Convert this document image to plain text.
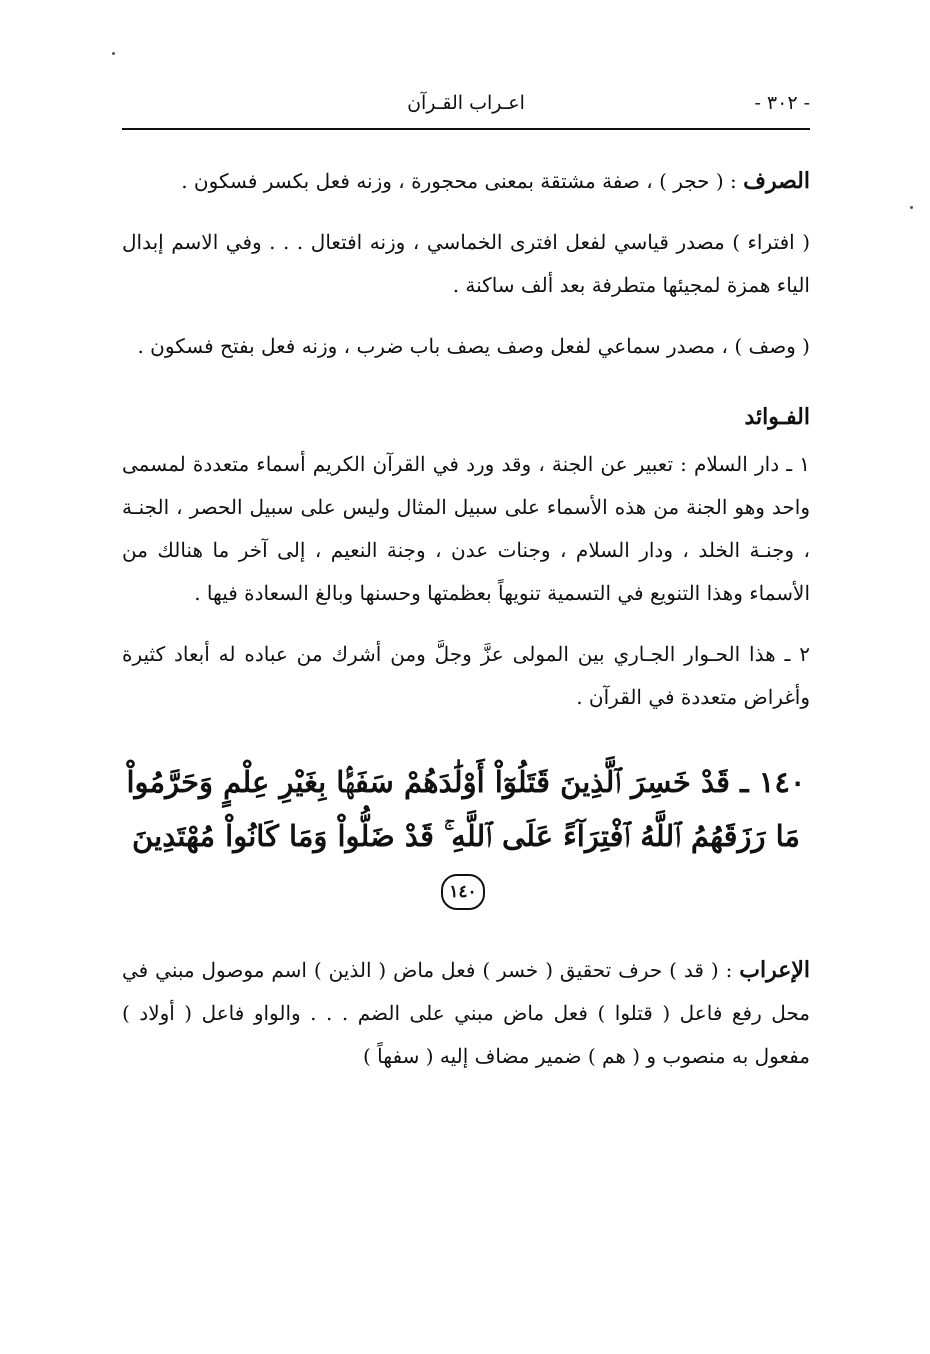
- ٣٠٢ -
اعـراب القـرآن

الصرف : ( حجر ) ، صفة مشتقة بمعنى محجورة ، وزنه فعل بكسر فسكون .

( افتراء ) مصدر قياسي لفعل افترى الخماسي ، وزنه افتعال . . . وفي الاسم إبدال الياء همزة لمجيئها متطرفة بعد ألف ساكنة .

( وصف ) ، مصدر سماعي لفعل وصف يصف باب ضرب ، وزنه فعل بفتح فسكون .

الفـوائد

١ ـ دار السلام : تعبير عن الجنة ، وقد ورد في القرآن الكريم أسماء متعددة لمسمى واحد وهو الجنة من هذه الأسماء على سبيل المثال وليس على سبيل الحصر ، الجنـة ، وجنـة الخلد ، ودار السلام ، وجنات عدن ، وجنة النعيم ، إلى آخر ما هنالك من الأسماء وهذا التنويع في التسمية تنويهاً بعظمتها وحسنها وبالغ السعادة فيها .

٢ ـ هذا الحـوار الجـاري بين المولى عزَّ وجلَّ ومن أشرك من عباده له أبعاد كثيرة وأغراض متعددة في القرآن .

١٤٠ ـ قَدْ خَسِرَ ٱلَّذِينَ قَتَلُوٓاْ أَوْلَٰدَهُمْ سَفَهًۢا بِغَيْرِ عِلْمٍ وَحَرَّمُواْ مَا رَزَقَهُمُ ٱللَّهُ ٱفْتِرَآءً عَلَى ٱللَّهِ ۚ قَدْ ضَلُّواْ وَمَا كَانُواْ مُهْتَدِينَ ١٤٠

الإعراب : ( قد ) حرف تحقيق ( خسر ) فعل ماض ( الذين ) اسم موصول مبني في محل رفع فاعل ( قتلوا ) فعل ماض مبني على الضم . . . والواو فاعل ( أولاد ) مفعول به منصوب و ( هم ) ضمير مضاف إليه ( سفهاً )
